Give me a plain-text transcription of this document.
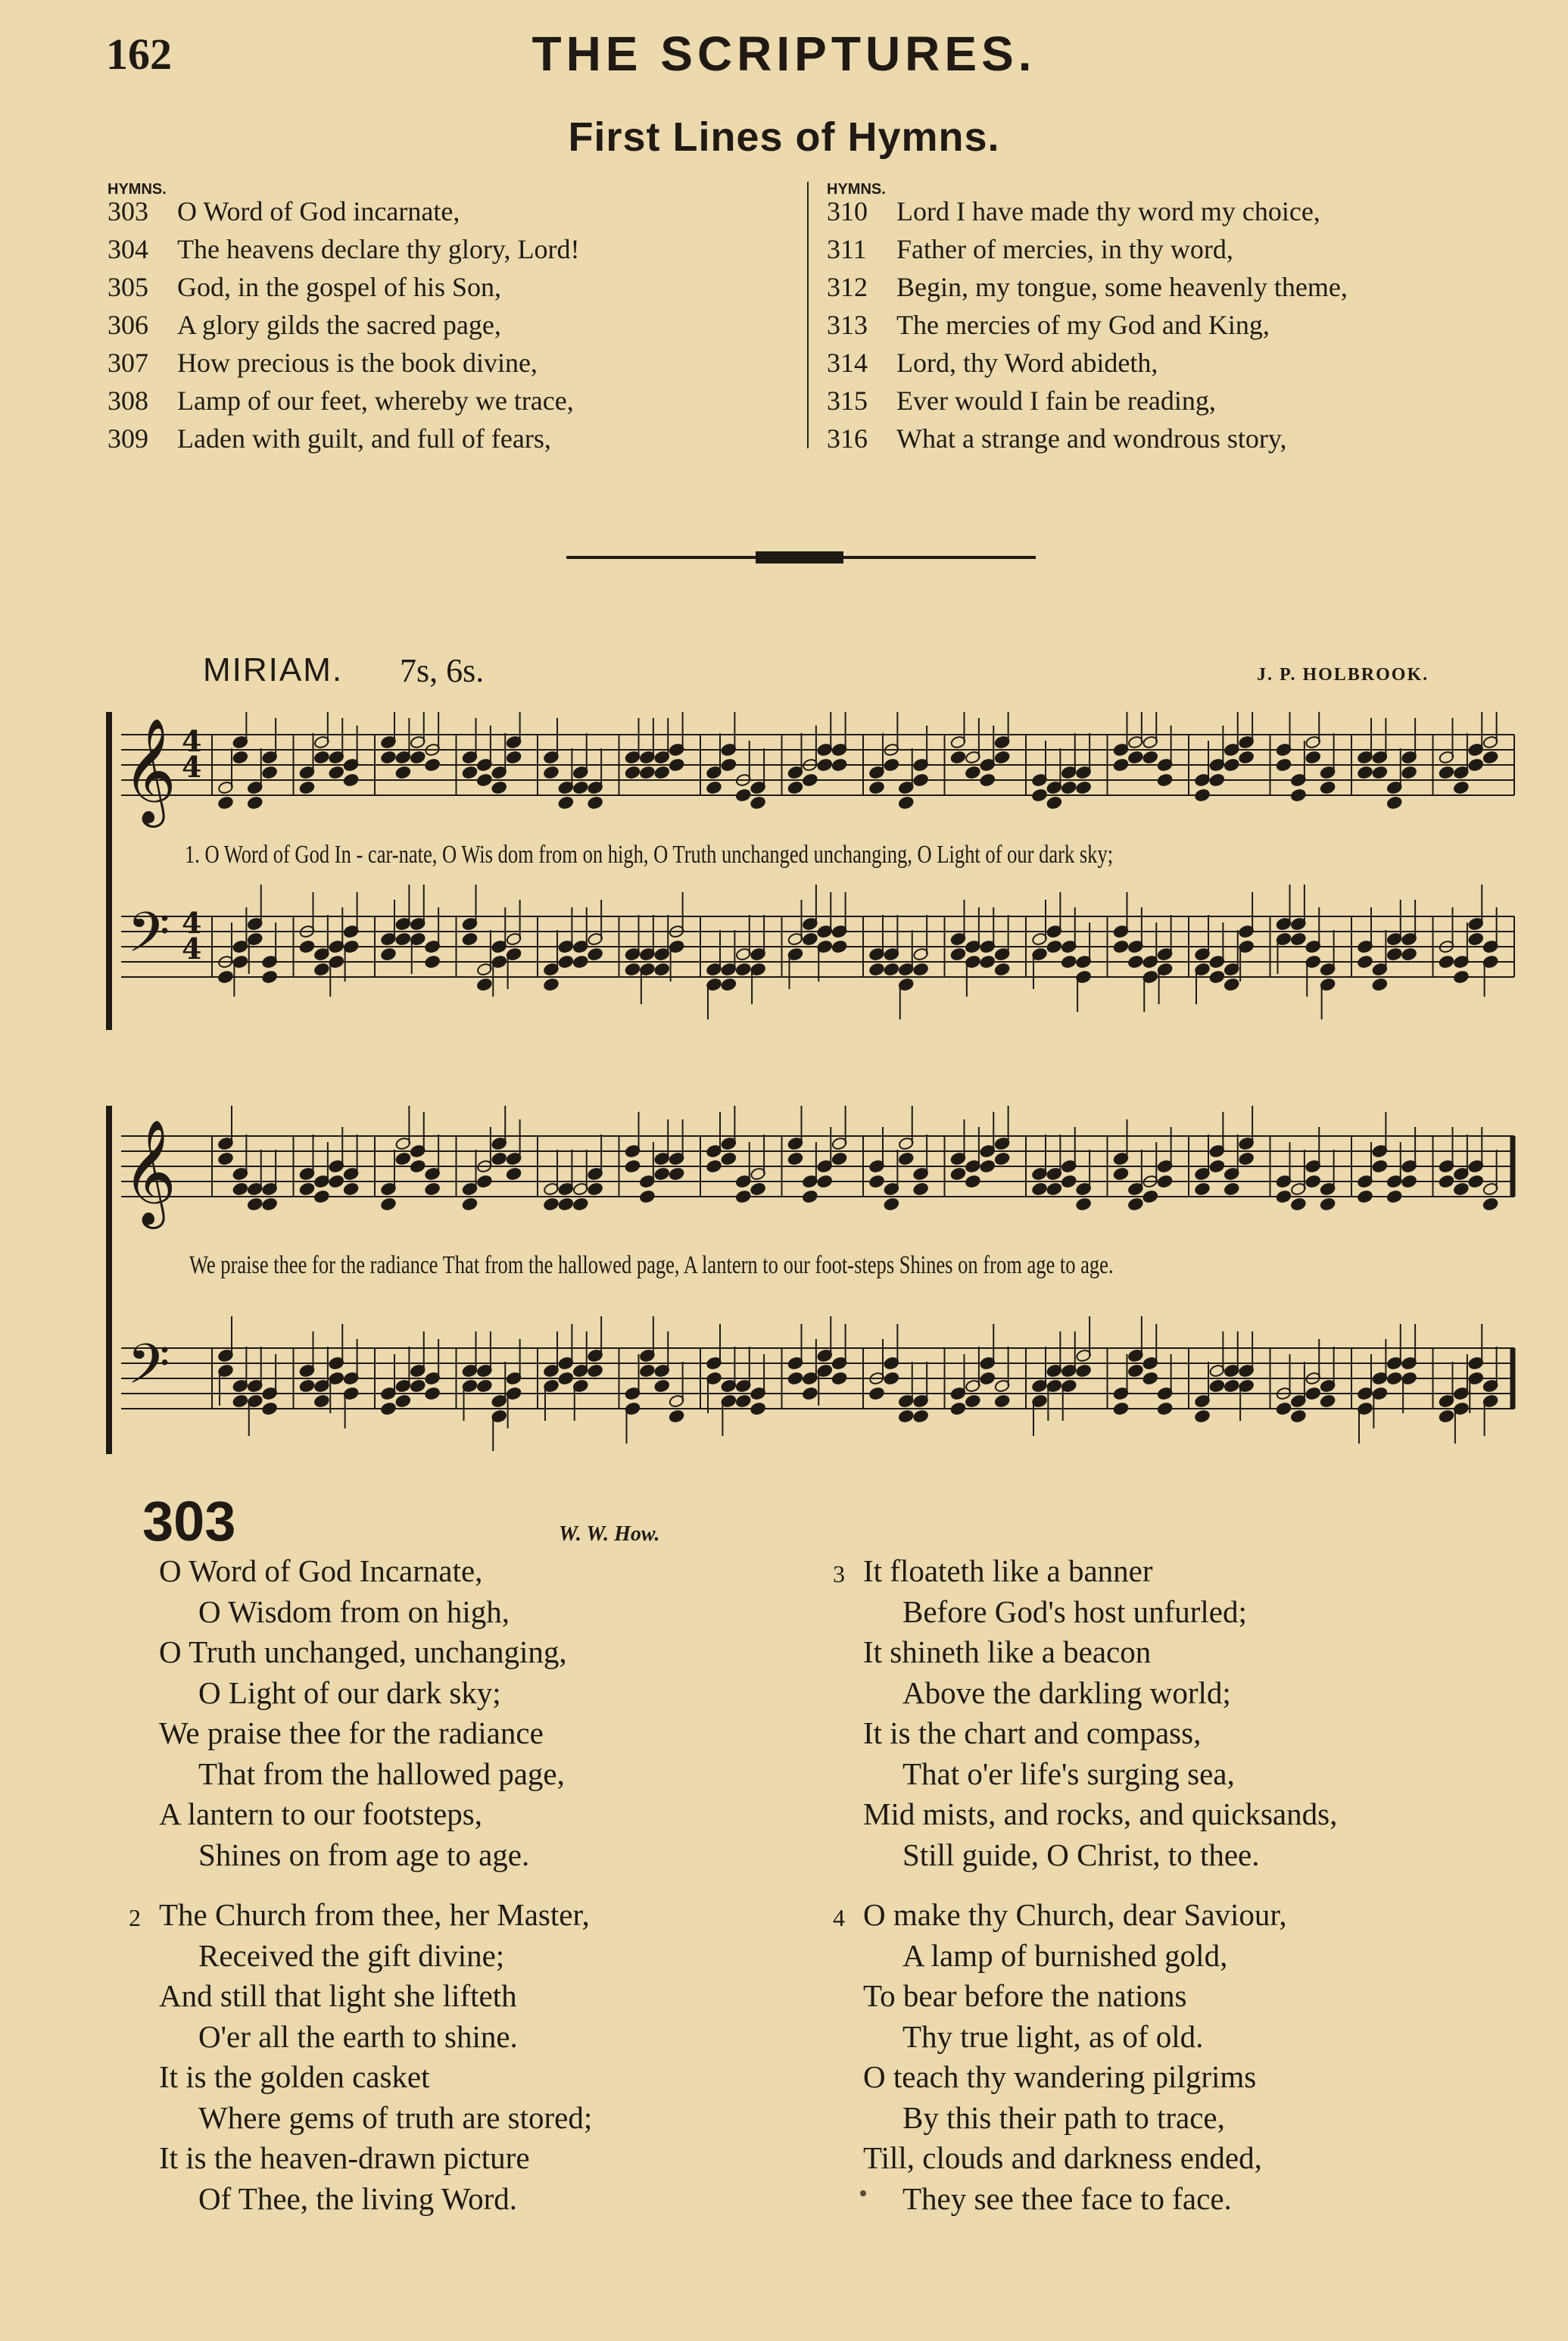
162	THE SCRIPTURES.
First Lines of Hymns.
HYMNS.
303	O Word of God incarnate,
304	The heavens declare thy glory, Lord!
305	God, in the gospel of his Son,
306	A glory gilds the sacred page,
307	How precious is the book divine,
308	Lamp of our feet, whereby we trace,
309	Laden with guilt, and full of fears,
HYMNS.
310	Lord I have made thy word my choice,
311	Father of mercies, in thy word,
312	Begin, my tongue, some heavenly theme,
313	The mercies of my God and King,
314	Lord, thy Word abideth,
315	Ever would I fain be reading,
316	What a strange and wondrous story,
MIRIAM. 7s, 6s.	J. P. HOLBROOK.
𝄞 4
4
𝄢 4
4
1. O Word of God In - car-nate, O Wis dom from on high, O Truth unchanged unchanging, O Light of our dark sky;
𝄞
𝄢
We praise thee for the radiance That from the hallowed page, A lantern to our foot-steps Shines on from age to age.
303	W. W. How.
O Word of God Incarnate,
O Wisdom from on high,
O Truth unchanged, unchanging,
O Light of our dark sky;
We praise thee for the radiance
That from the hallowed page,
A lantern to our footsteps,
Shines on from age to age.
2 The Church from thee, her Master,
Received the gift divine;
And still that light she lifteth
O'er all the earth to shine.
It is the golden casket
Where gems of truth are stored;
It is the heaven-drawn picture
Of Thee, the living Word.
3 It floateth like a banner
Before God's host unfurled;
It shineth like a beacon
Above the darkling world;
It is the chart and compass,
That o'er life's surging sea,
Mid mists, and rocks, and quicksands,
Still guide, O Christ, to thee.
4 O make thy Church, dear Saviour,
A lamp of burnished gold,
To bear before the nations
Thy true light, as of old.
O teach thy wandering pilgrims
By this their path to trace,
Till, clouds and darkness ended,
They see thee face to face.
